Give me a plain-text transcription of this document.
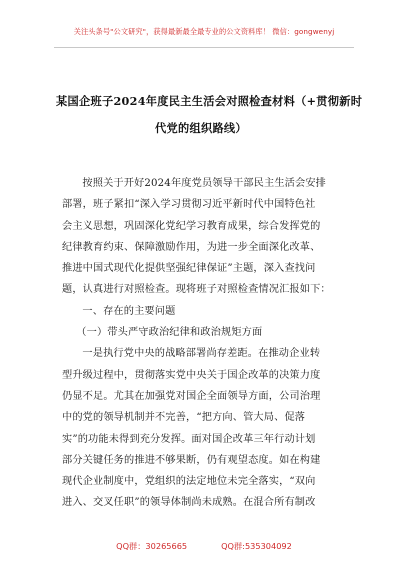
关注头条号"公文研究"，获得最新最全最专业的公文资料库！ 微信：gongwenyj
某国企班子2024年度民主生活会对照检查材料（+贯彻新时
代党的组织路线）
按照关于开好2024年度党员领导干部民主生活会安排
部署，班子紧扣“深入学习贯彻习近平新时代中国特色社
会主义思想，巩固深化党纪学习教育成果，综合发挥党的
纪律教育约束、保障激励作用，为进一步全面深化改革、
推进中国式现代化提供坚强纪律保证”主题，深入查找问
题，认真进行对照检查。现将班子对照检查情况汇报如下：
一、存在的主要问题
（一）带头严守政治纪律和政治规矩方面
一是执行党中央的战略部署尚存差距。在推动企业转
型升级过程中，贯彻落实党中央关于国企改革的决策力度
仍显不足。尤其在加强党对国企全面领导方面，公司治理
中的党的领导机制并不完善，“把方向、管大局、促落
实”的功能未得到充分发挥。面对国企改革三年行动计划
部分关键任务的推进不够果断，仍有观望态度。如在构建
现代企业制度中，党组织的法定地位未完全落实，“双向
进入、交叉任职”的领导体制尚未成熟。在混合所有制改
QQ群：30265665	QQ群:535304092
